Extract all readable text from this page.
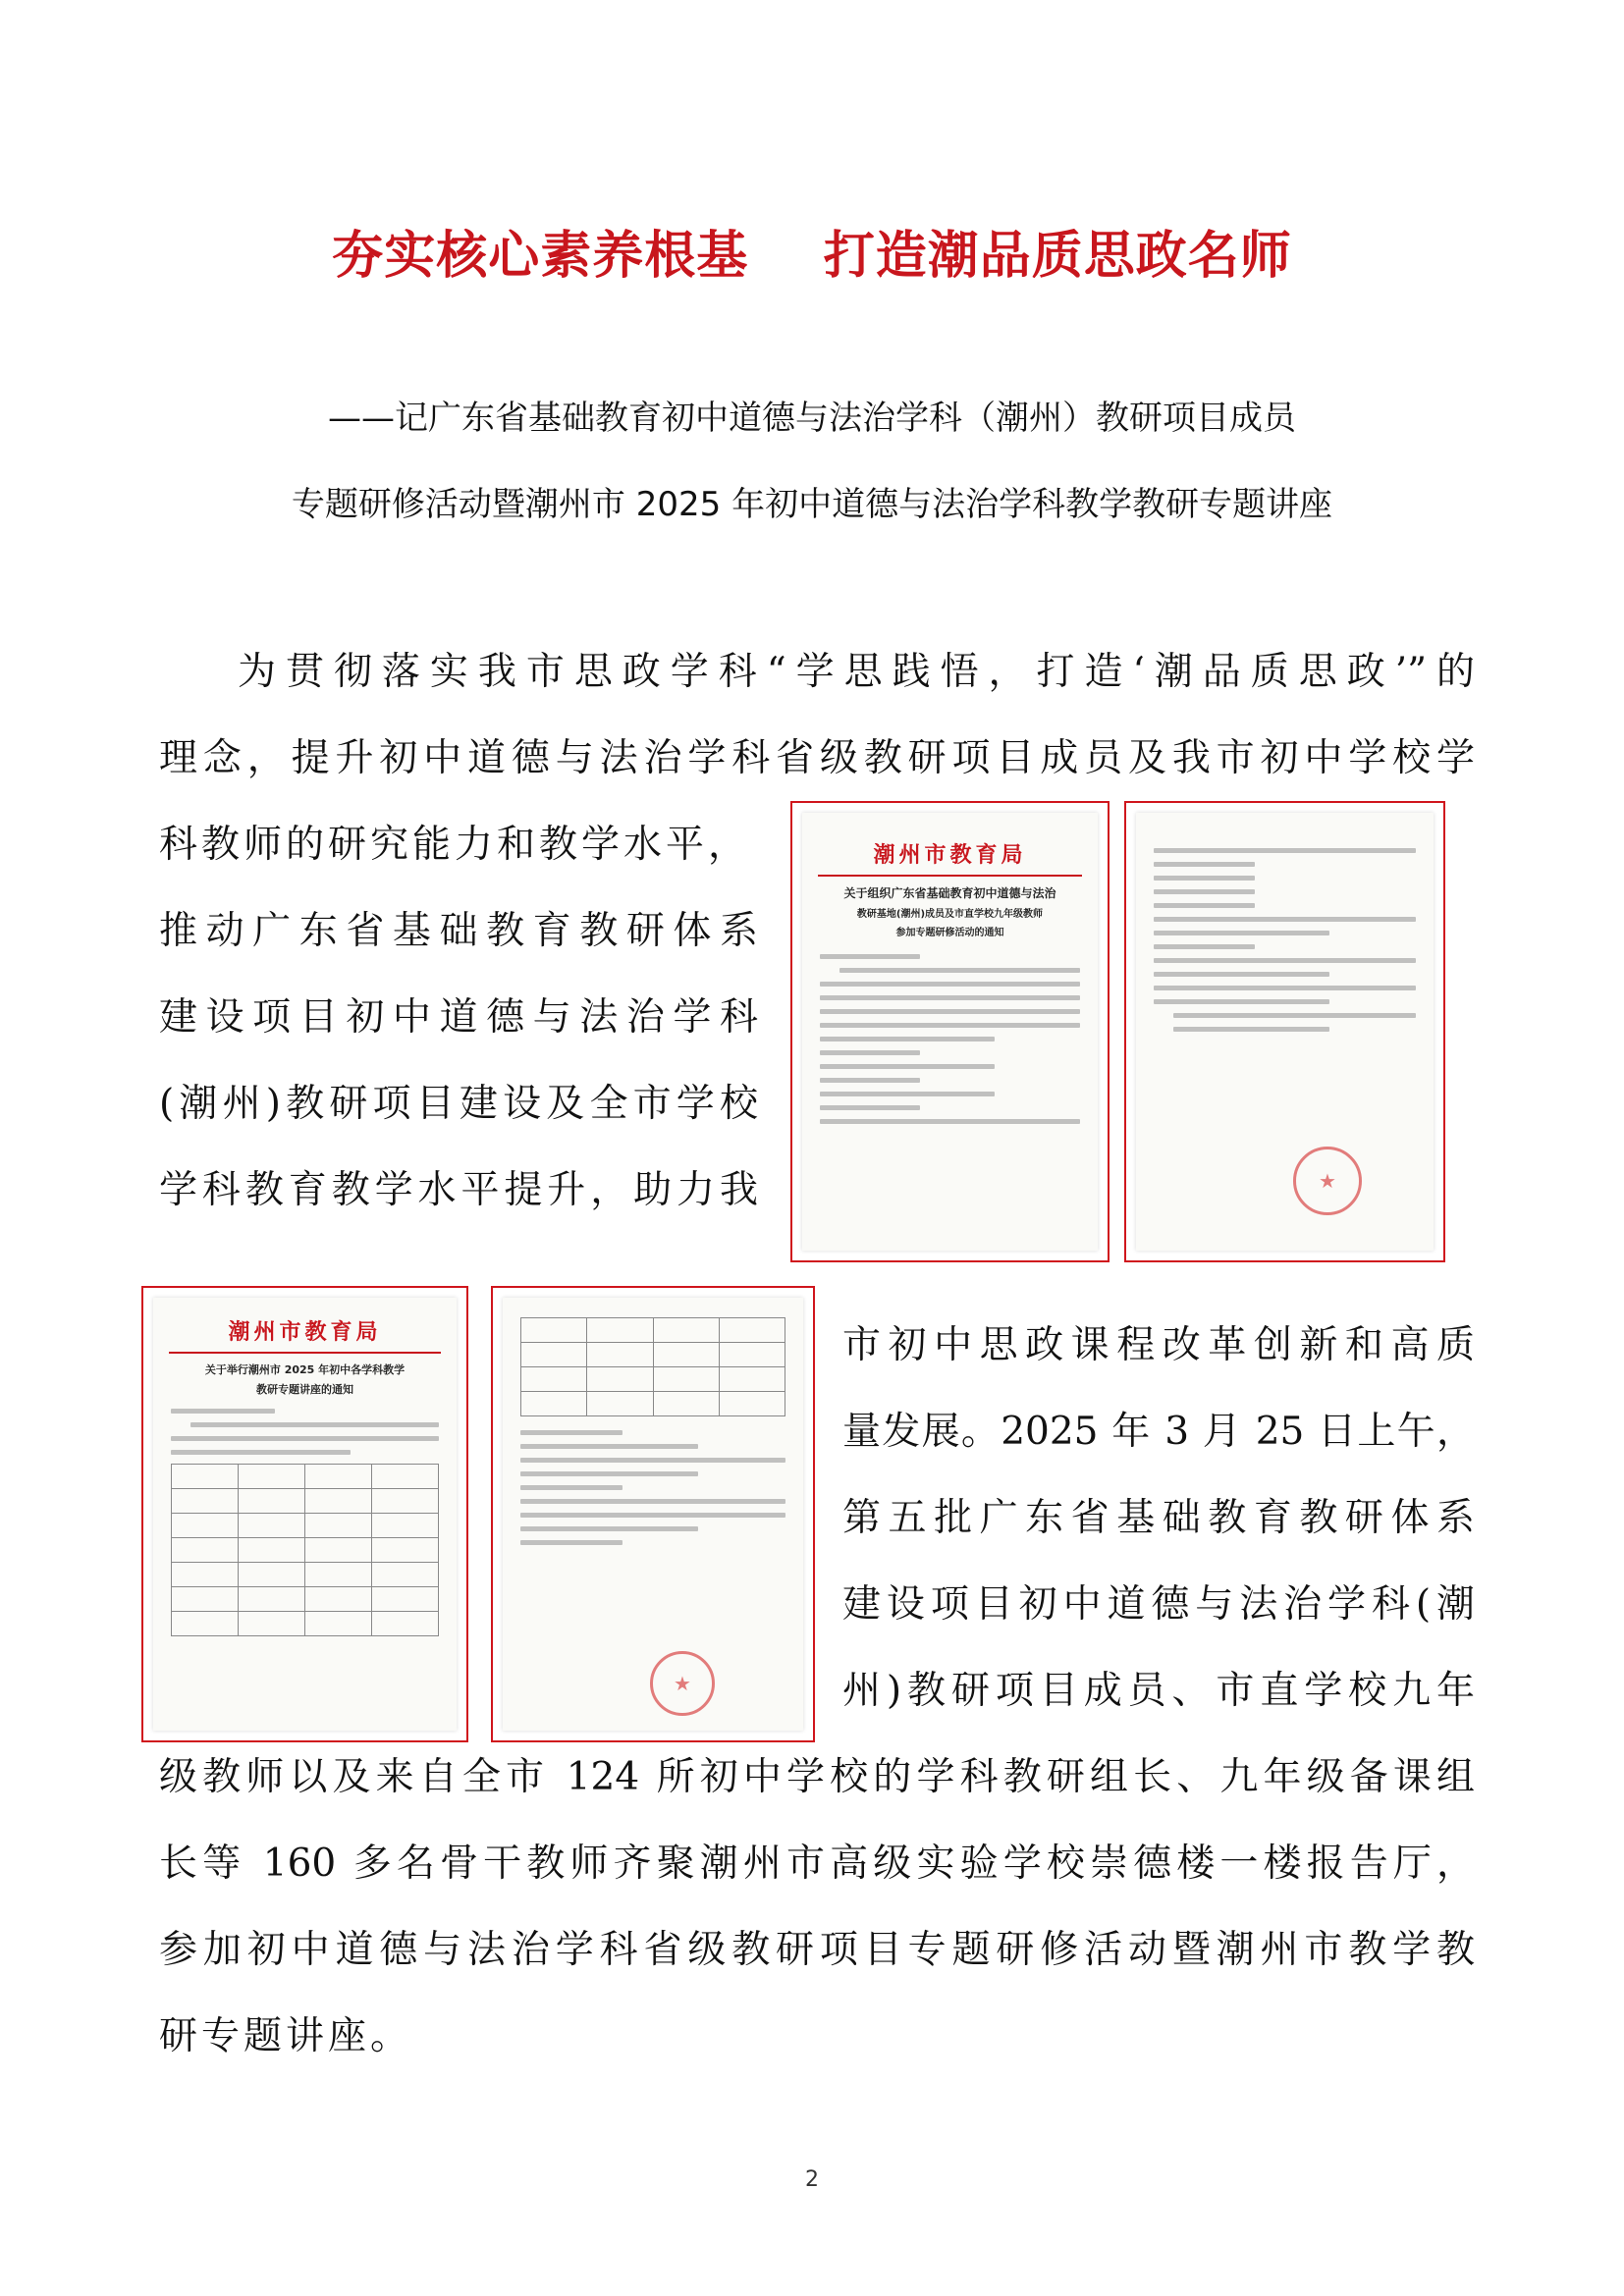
夯实核心素养根基    打造潮品质思政名师
——记广东省基础教育初中道德与法治学科（潮州）教研项目成员
专题研修活动暨潮州市 2025 年初中道德与法治学科教学教研专题讲座
为贯彻落实我市思政学科“学思践悟，打造‘潮品质思政’”的
理念，提升初中道德与法治学科省级教研项目成员及我市初中学校学
科教师的研究能力和教学水平，
推动广东省基础教育教研体系
建设项目初中道德与法治学科
(潮州)教研项目建设及全市学校
学科教育教学水平提升，助力我
市初中思政课程改革创新和高质
量发展。2025 年 3 月 25 日上午，
第五批广东省基础教育教研体系
建设项目初中道德与法治学科(潮
州)教研项目成员、市直学校九年
级教师以及来自全市 124 所初中学校的学科教研组长、九年级备课组
长等 160 多名骨干教师齐聚潮州市高级实验学校崇德楼一楼报告厅，
参加初中道德与法治学科省级教研项目专题研修活动暨潮州市教学教
研专题讲座。
潮州市教育局
关于组织广东省基础教育初中道德与法治
教研基地(潮州)成员及市直学校九年级教师
参加专题研修活动的通知
★
潮州市教育局
关于举行潮州市 2025 年初中各学科教学
教研专题讲座的通知

★
2
